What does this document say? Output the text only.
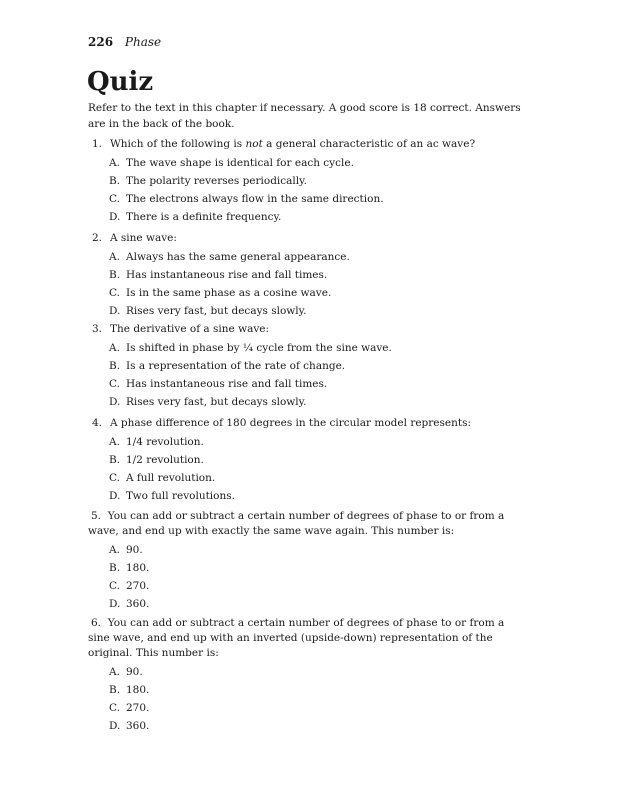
226 Phase
Quiz

Refer to the text in this chapter if necessary. A good score is 18 correct. Answers are in the back of the book.

1. Which of the following is not a general characteristic of an ac wave?

A. The wave shape is identical for each cycle.
B. The polarity reverses periodically.
C. The electrons always flow in the same direction.
D. There is a definite frequency.

2. A sine wave:

A. Always has the same general appearance.
B. Has instantaneous rise and fall times.
C. Is in the same phase as a cosine wave.
D. Rises very fast, but decays slowly.

3. The derivative of a sine wave:

A. Is shifted in phase by ¼ cycle from the sine wave.
B. Is a representation of the rate of change.
C. Has instantaneous rise and fall times.
D. Rises very fast, but decays slowly.

4. A phase difference of 180 degrees in the circular model represents:

A. 1/4 revolution.
B. 1/2 revolution.
C. A full revolution.
D. Two full revolutions.

5. You can add or subtract a certain number of degrees of phase to or from a wave, and end up with exactly the same wave again. This number is:

A. 90.
B. 180.
C. 270.
D. 360.

6. You can add or subtract a certain number of degrees of phase to or from a sine wave, and end up with an inverted (upside-down) representation of the original. This number is:

A. 90.
B. 180.
C. 270.
D. 360.
